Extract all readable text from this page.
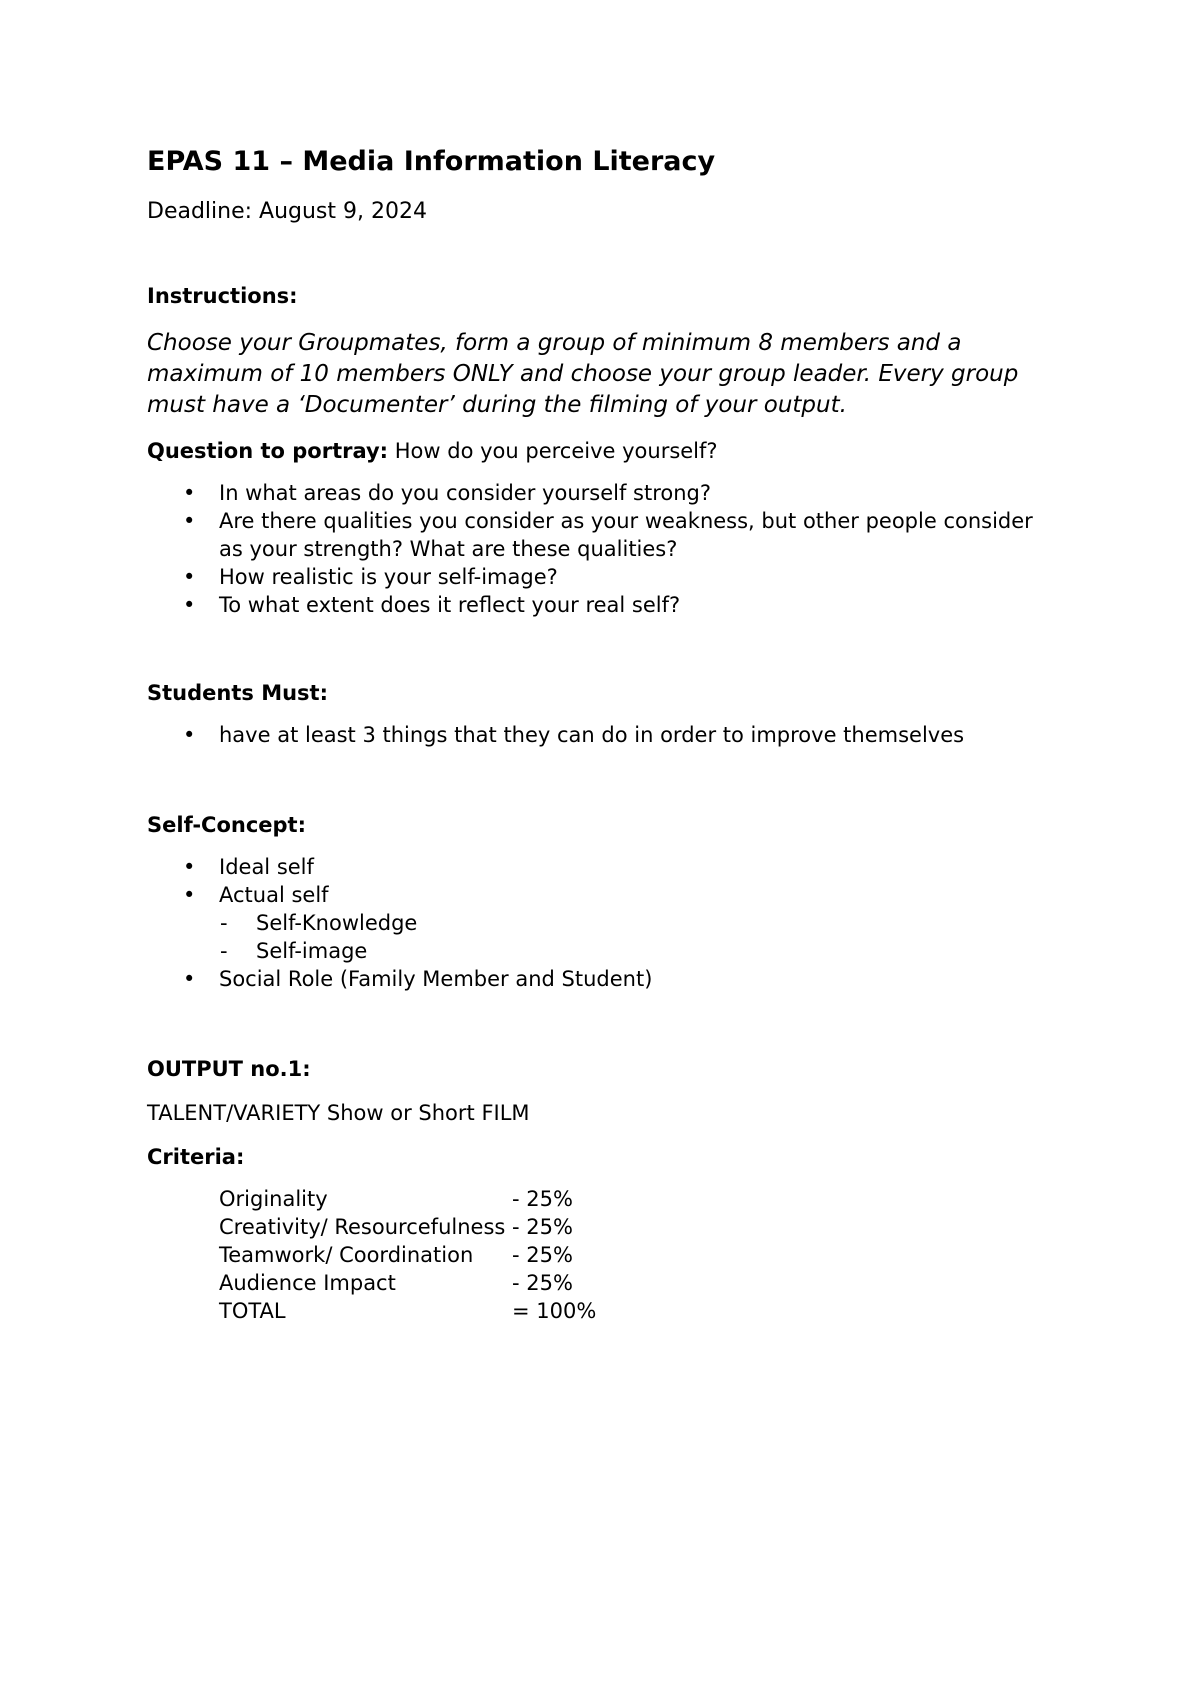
EPAS 11 – Media Information Literacy

Deadline: August 9, 2024

Instructions:

Choose your Groupmates, form a group of minimum 8 members and a maximum of 10 members ONLY and choose your group leader. Every group must have a ‘Documenter’ during the filming of your output.

Question to portray: How do you perceive yourself?

• In what areas do you consider yourself strong?
• Are there qualities you consider as your weakness, but other people consider as your strength? What are these qualities?
• How realistic is your self-image?
• To what extent does it reflect your real self?

Students Must:

• have at least 3 things that they can do in order to improve themselves

Self-Concept:

• Ideal self
• Actual self
- Self-Knowledge
- Self-image
• Social Role (Family Member and Student)

OUTPUT no.1:

TALENT/VARIETY Show or Short FILM

Criteria:

Originality	- 25%
Creativity/ Resourcefulness	- 25%
Teamwork/ Coordination	- 25%
Audience Impact	- 25%
TOTAL	= 100%
